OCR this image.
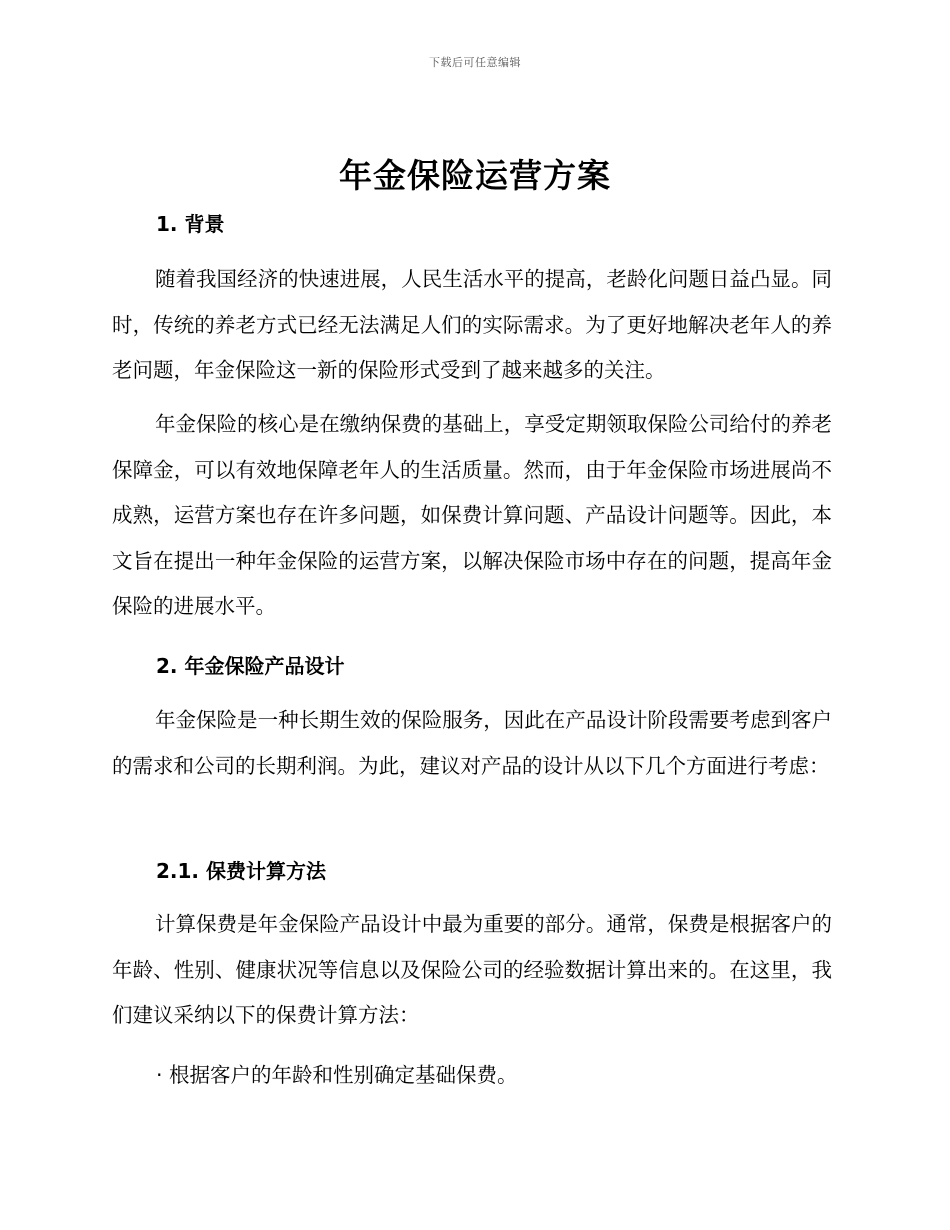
下载后可任意编辑
年金保险运营方案
1. 背景

随着我国经济的快速进展，人民生活水平的提高，老龄化问题日益凸显。同时，传统的养老方式已经无法满足人们的实际需求。为了更好地解决老年人的养老问题，年金保险这一新的保险形式受到了越来越多的关注。

年金保险的核心是在缴纳保费的基础上，享受定期领取保险公司给付的养老保障金，可以有效地保障老年人的生活质量。然而，由于年金保险市场进展尚不成熟，运营方案也存在许多问题，如保费计算问题、产品设计问题等。因此，本文旨在提出一种年金保险的运营方案，以解决保险市场中存在的问题，提高年金保险的进展水平。

2. 年金保险产品设计

年金保险是一种长期生效的保险服务，因此在产品设计阶段需要考虑到客户的需求和公司的长期利润。为此，建议对产品的设计从以下几个方面进行考虑：

2.1. 保费计算方法

计算保费是年金保险产品设计中最为重要的部分。通常，保费是根据客户的年龄、性别、健康状况等信息以及保险公司的经验数据计算出来的。在这里，我们建议采纳以下的保费计算方法：

· 根据客户的年龄和性别确定基础保费。
